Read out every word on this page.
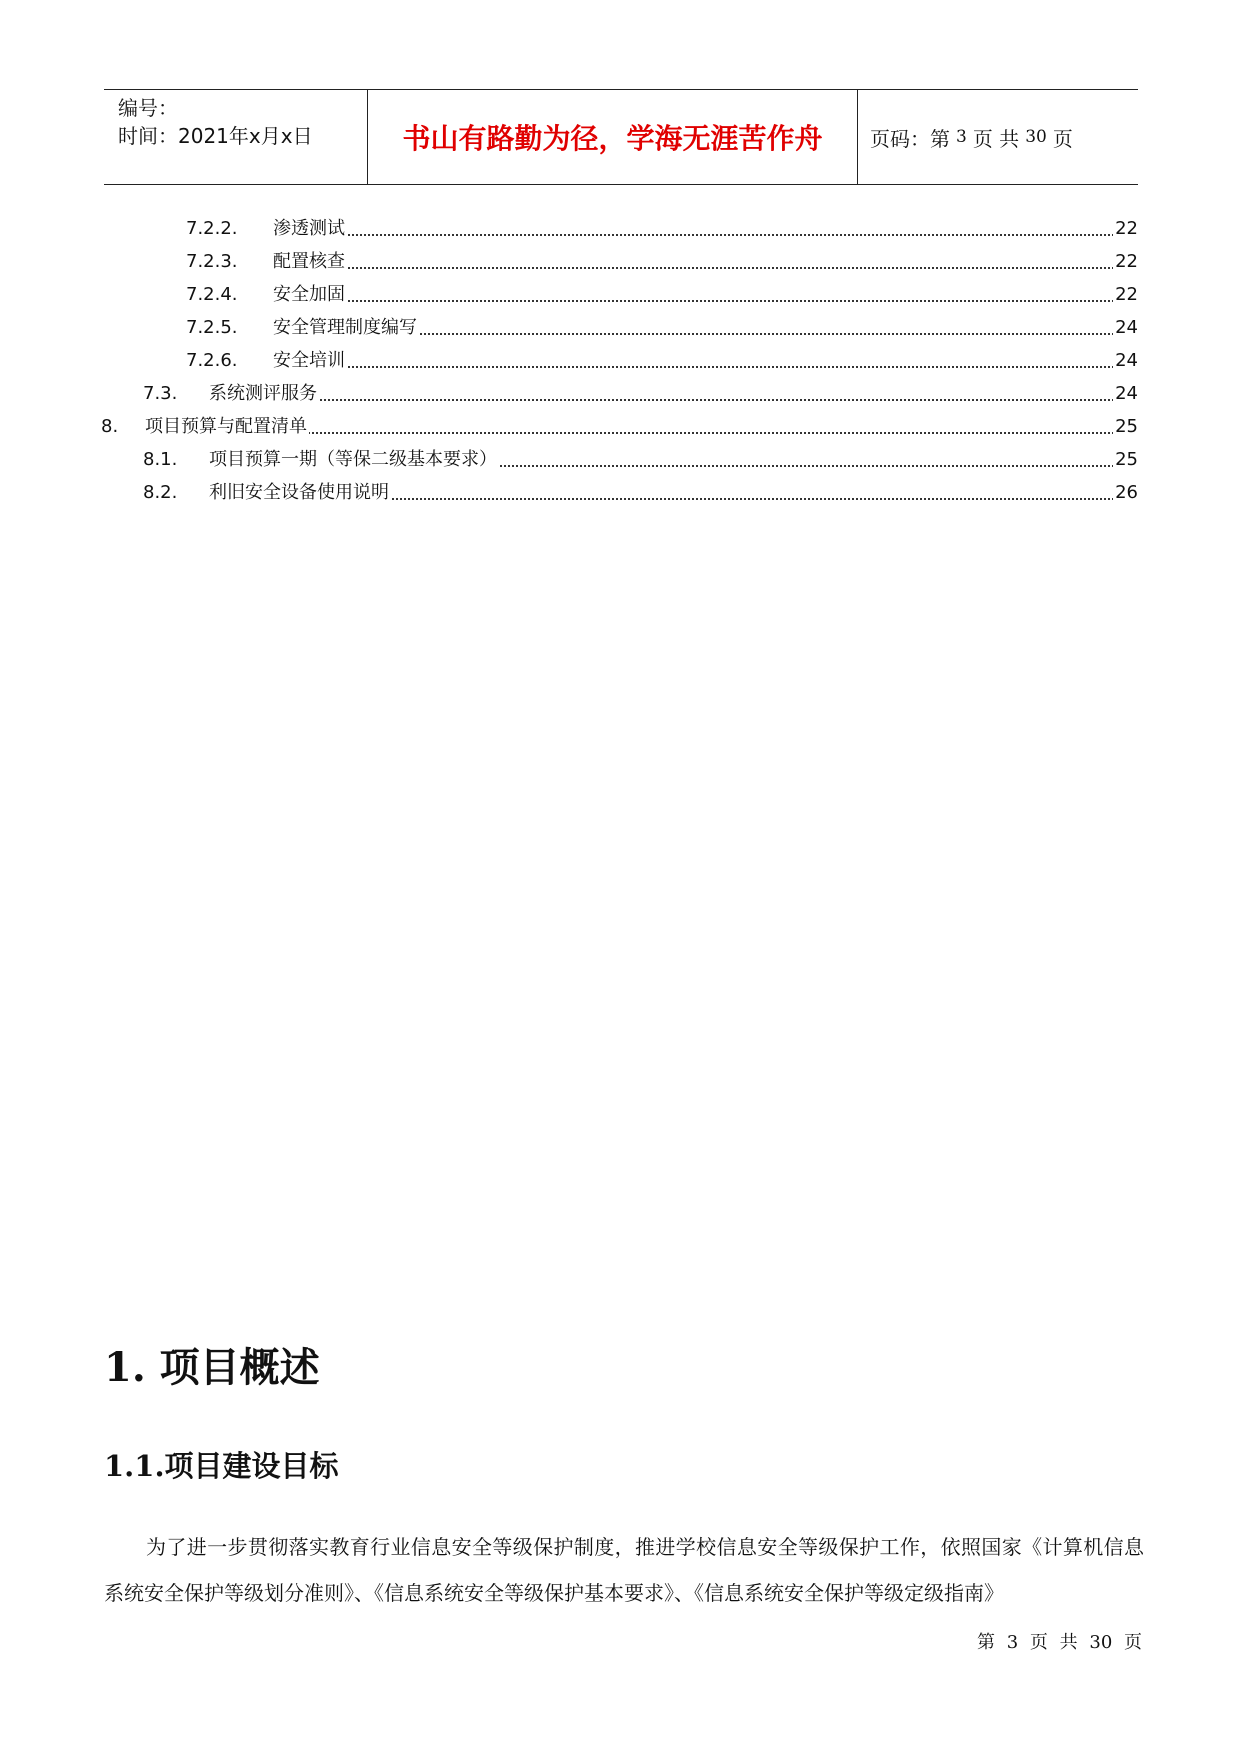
编号：
时间：2021年x月x日	书山有路勤为径，学海无涯苦作舟	页码：第 3 页 共 30 页
7.2.2. 渗透测试	22
7.2.3. 配置核查	22
7.2.4. 安全加固	22
7.2.5. 安全管理制度编写	24
7.2.6. 安全培训	24
7.3. 系统测评服务	24
8. 项目预算与配置清单	25
8.1. 项目预算一期（等保二级基本要求）	25
8.2. 利旧安全设备使用说明	26
1. 项目概述
1.1.项目建设目标
为了进一步贯彻落实教育行业信息安全等级保护制度，推进学校信息安全等级保护工作，依照国家《计算机信息系统安全保护等级划分准则》、《信息系统安全等级保护基本要求》、《信息系统安全保护等级定级指南》
第 3 页 共 30 页
